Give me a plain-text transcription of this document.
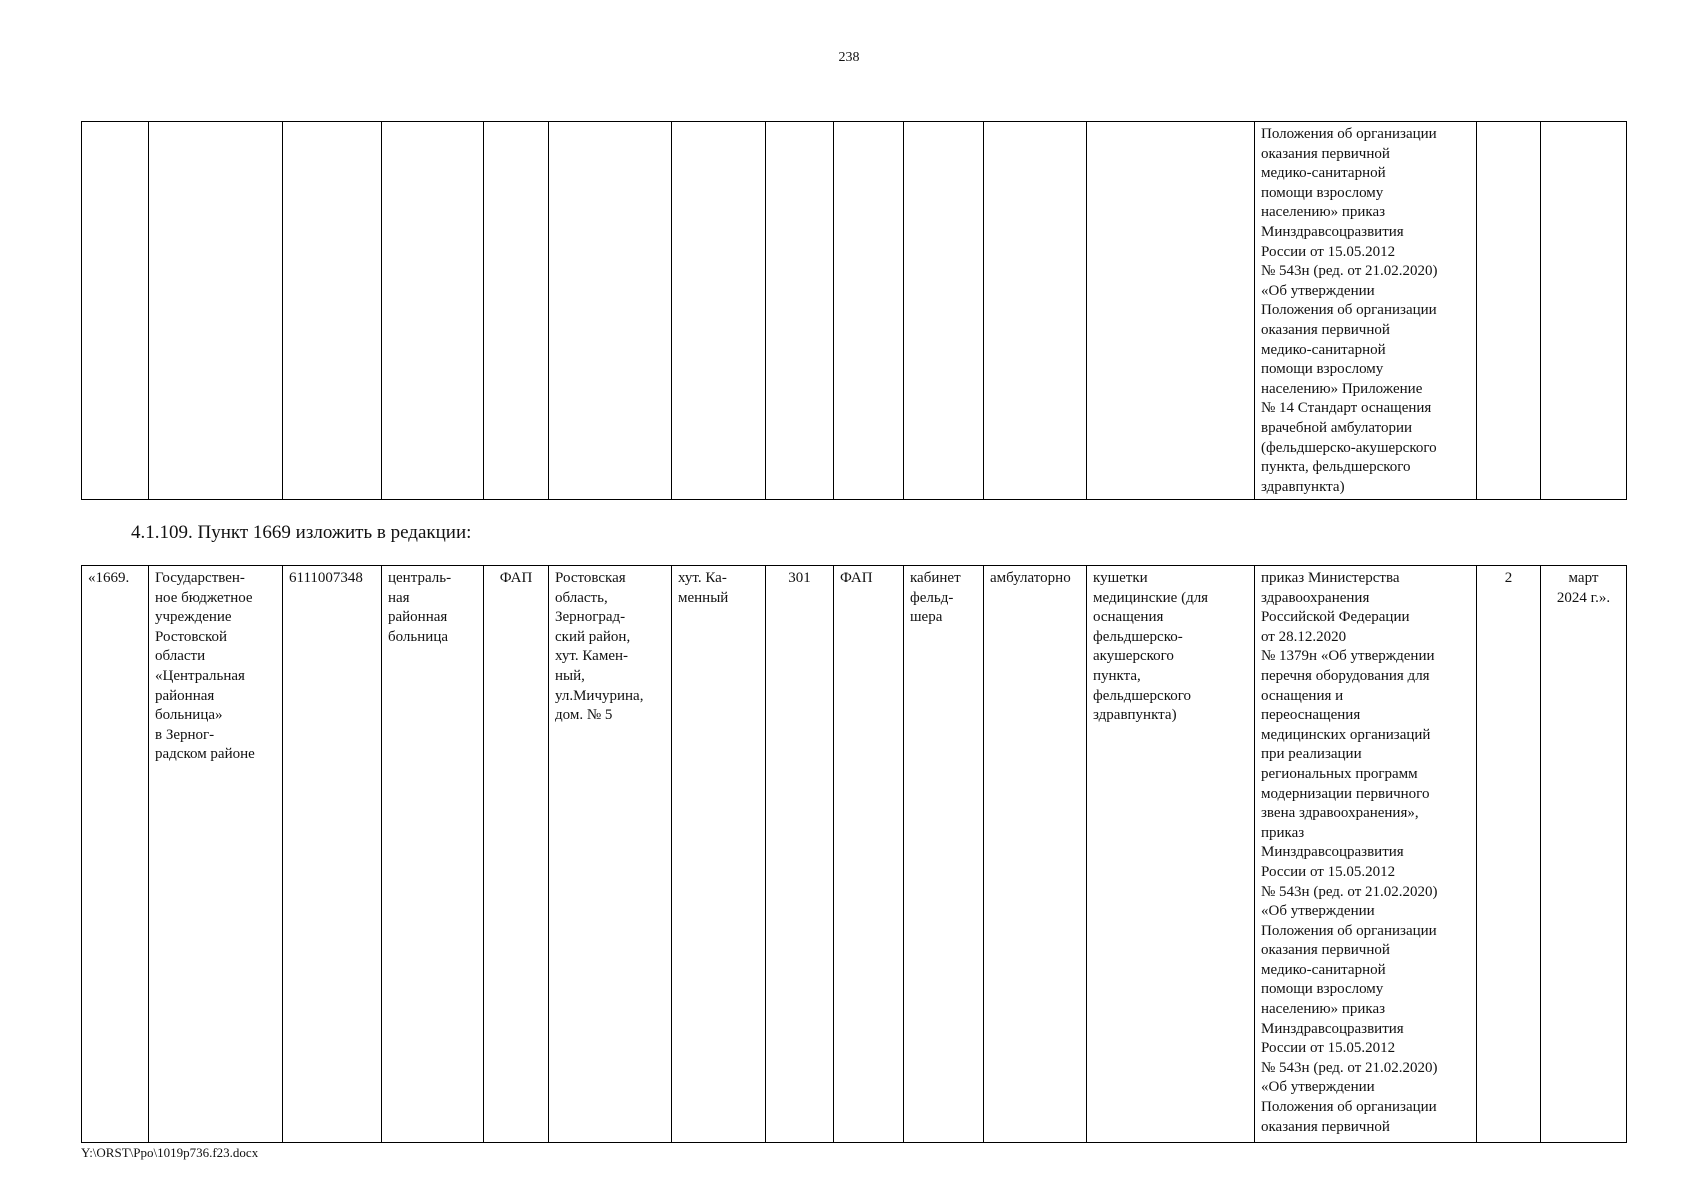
238
												Положения об организации
оказания первичной
медико-санитарной
помощи взрослому
населению» приказ
Минздравсоцразвития
России от 15.05.2012
№ 543н (ред. от 21.02.2020)
«Об утверждении
Положения об организации
оказания первичной
медико-санитарной
помощи взрослому
населению» Приложение
№ 14 Стандарт оснащения
врачебной амбулатории
(фельдшерско-акушерского
пункта, фельдшерского
здравпункта)		
4.1.109. Пункт 1669 изложить в редакции:
«1669.	Государствен-
ное бюджетное
учреждение
Ростовской
области
«Центральная
районная
больница»
в Зерног-
радском районе	6111007348	централь-
ная
районная
больница	ФАП	Ростовская
область,
Зерноград-
ский район,
хут. Камен-
ный,
ул.Мичурина,
дом. № 5	хут. Ка-
менный	301	ФАП	кабинет
фельд-
шера	амбулаторно	кушетки
медицинские (для
оснащения
фельдшерско-
акушерского
пункта,
фельдшерского
здравпункта)	приказ Министерства
здравоохранения
Российской Федерации
от 28.12.2020
№ 1379н «Об утверждении
перечня оборудования для
оснащения и
переоснащения
медицинских организаций
при реализации
региональных программ
модернизации первичного
звена здравоохранения»,
приказ
Минздравсоцразвития
России от 15.05.2012
№ 543н (ред. от 21.02.2020)
«Об утверждении
Положения об организации
оказания первичной
медико-санитарной
помощи взрослому
населению» приказ
Минздравсоцразвития
России от 15.05.2012
№ 543н (ред. от 21.02.2020)
«Об утверждении
Положения об организации
оказания первичной	2	март
2024 г.».
Y:\ORST\Ppo\1019p736.f23.docx
